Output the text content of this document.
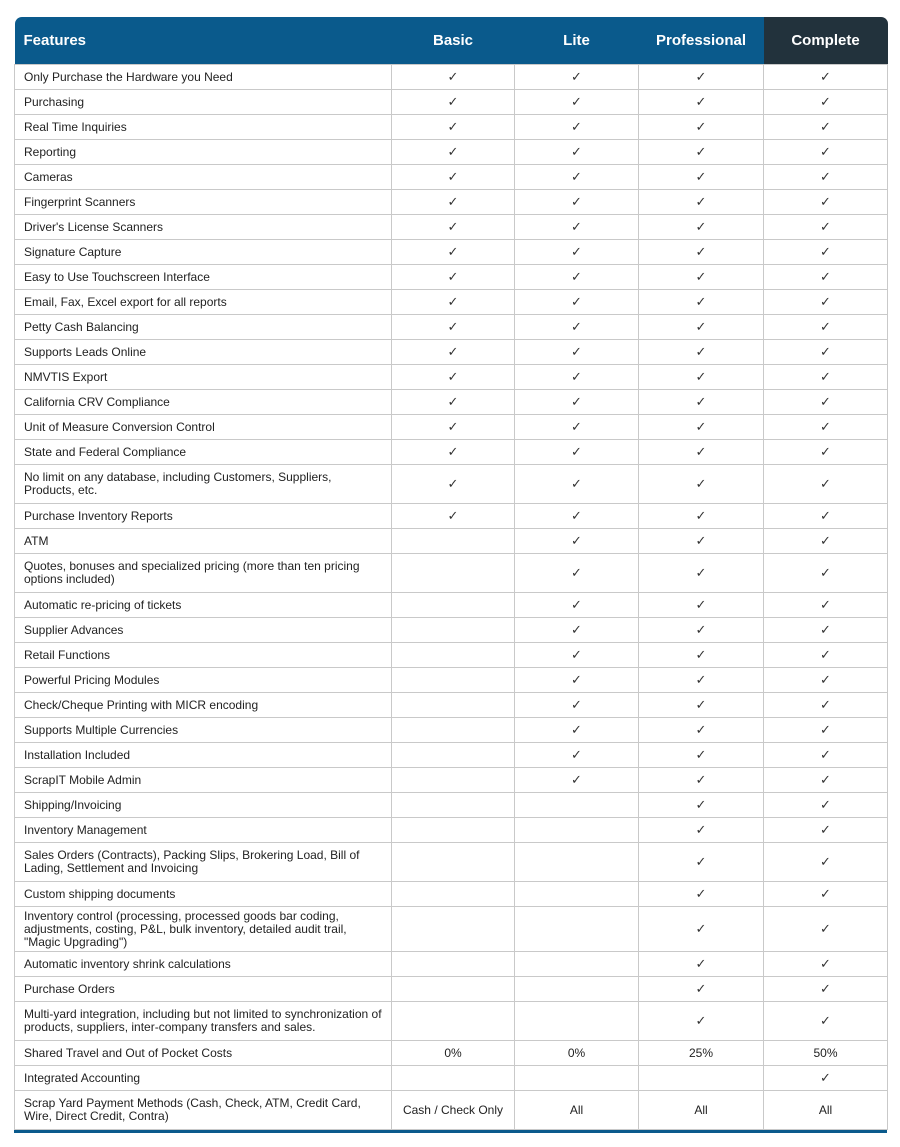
Features	Basic	Lite	Professional	Complete
Only Purchase the Hardware you Need	✓	✓	✓	✓
Purchasing	✓	✓	✓	✓
Real Time Inquiries	✓	✓	✓	✓
Reporting	✓	✓	✓	✓
Cameras	✓	✓	✓	✓
Fingerprint Scanners	✓	✓	✓	✓
Driver's License Scanners	✓	✓	✓	✓
Signature Capture	✓	✓	✓	✓
Easy to Use Touchscreen Interface	✓	✓	✓	✓
Email, Fax, Excel export for all reports	✓	✓	✓	✓
Petty Cash Balancing	✓	✓	✓	✓
Supports Leads Online	✓	✓	✓	✓
NMVTIS Export	✓	✓	✓	✓
California CRV Compliance	✓	✓	✓	✓
Unit of Measure Conversion Control	✓	✓	✓	✓
State and Federal Compliance	✓	✓	✓	✓
No limit on any database, including Customers, Suppliers, Products, etc.	✓	✓	✓	✓
Purchase Inventory Reports	✓	✓	✓	✓
ATM		✓	✓	✓
Quotes, bonuses and specialized pricing (more than ten pricing options included)		✓	✓	✓
Automatic re-pricing of tickets		✓	✓	✓
Supplier Advances		✓	✓	✓
Retail Functions		✓	✓	✓
Powerful Pricing Modules		✓	✓	✓
Check/Cheque Printing with MICR encoding		✓	✓	✓
Supports Multiple Currencies		✓	✓	✓
Installation Included		✓	✓	✓
ScrapIT Mobile Admin		✓	✓	✓
Shipping/Invoicing			✓	✓
Inventory Management			✓	✓
Sales Orders (Contracts), Packing Slips, Brokering Load, Bill of Lading, Settlement and Invoicing			✓	✓
Custom shipping documents			✓	✓
Inventory control (processing, processed goods bar coding, adjustments, costing, P&L, bulk inventory, detailed audit trail, "Magic Upgrading")			✓	✓
Automatic inventory shrink calculations			✓	✓
Purchase Orders			✓	✓
Multi-yard integration, including but not limited to synchronization of products, suppliers, inter-company transfers and sales.			✓	✓
Shared Travel and Out of Pocket Costs	0%	0%	25%	50%
Integrated Accounting				✓
Scrap Yard Payment Methods (Cash, Check, ATM, Credit Card, Wire, Direct Credit, Contra)	Cash / Check Only	All	All	All
